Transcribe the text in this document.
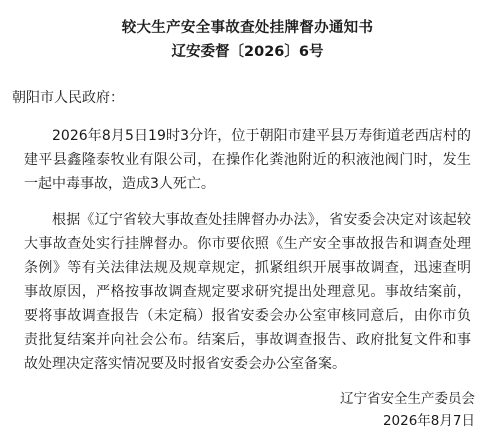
较大生产安全事故查处挂牌督办通知书
辽安委督〔2026〕6号
朝阳市人民政府：

2026年8月5日19时3分许，位于朝阳市建平县万寿街道老西店村的建平县鑫隆泰牧业有限公司，在操作化粪池附近的积液池阀门时，发生一起中毒事故，造成3人死亡。

根据《辽宁省较大事故查处挂牌督办办法》，省安委会决定对该起较大事故查处实行挂牌督办。你市要依照《生产安全事故报告和调查处理条例》等有关法律法规及规章规定，抓紧组织开展事故调查，迅速查明事故原因，严格按事故调查规定要求研究提出处理意见。事故结案前，要将事故调查报告（未定稿）报省安委会办公室审核同意后，由你市负责批复结案并向社会公布。结案后，事故调查报告、政府批复文件和事故处理决定落实情况要及时报省安委会办公室备案。

辽宁省安全生产委员会
2026年8月7日
